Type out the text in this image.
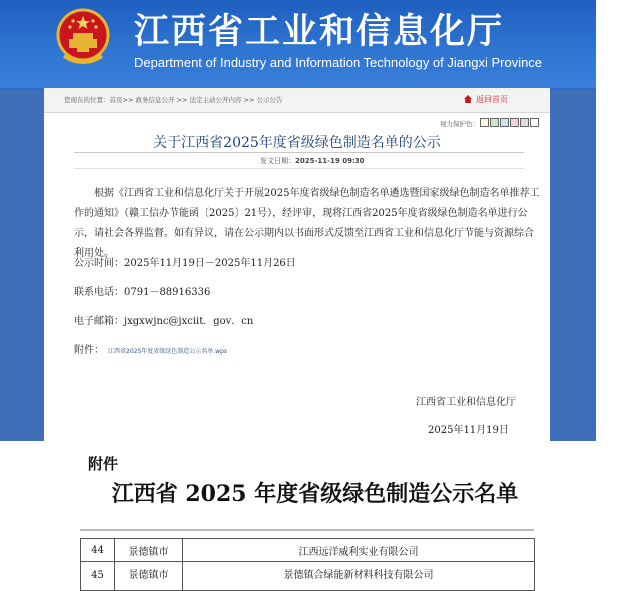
江西省工业和信息化厅
Department of Industry and Information Technology of Jiangxi Province
您现在的位置：首页>> 政务信息公开 >> 法定主动公开内容 >> 公示公告	返回首页
视力保护色：
关于江西省2025年度省级绿色制造名单的公示
发文日期：2025-11-19 09:30
根据《江西省工业和信息化厅关于开展2025年度省级绿色制造名单遴选暨国家级绿色制造名单推荐工作的通知》（赣工信办节能函〔2025〕21号），经评审，现将江西省2025年度省级绿色制造名单进行公示，请社会各界监督。如有异议，请在公示期内以书面形式反馈至江西省工业和信息化厅节能与资源综合利用处。
公示时间：2025年11月19日－2025年11月26日
联系电话：0791－88916336
电子邮箱：jxgxwjnc@jxciit．gov．cn
附件： 江西省2025年度省级绿色制造公示名单.wps
江西省工业和信息化厅
2025年11月19日
附件
江西省 2025 年度省级绿色制造公示名单
44	景德镇市	江西远洋威利实业有限公司
45	景德镇市	景德镇合绿能新材料科技有限公司
